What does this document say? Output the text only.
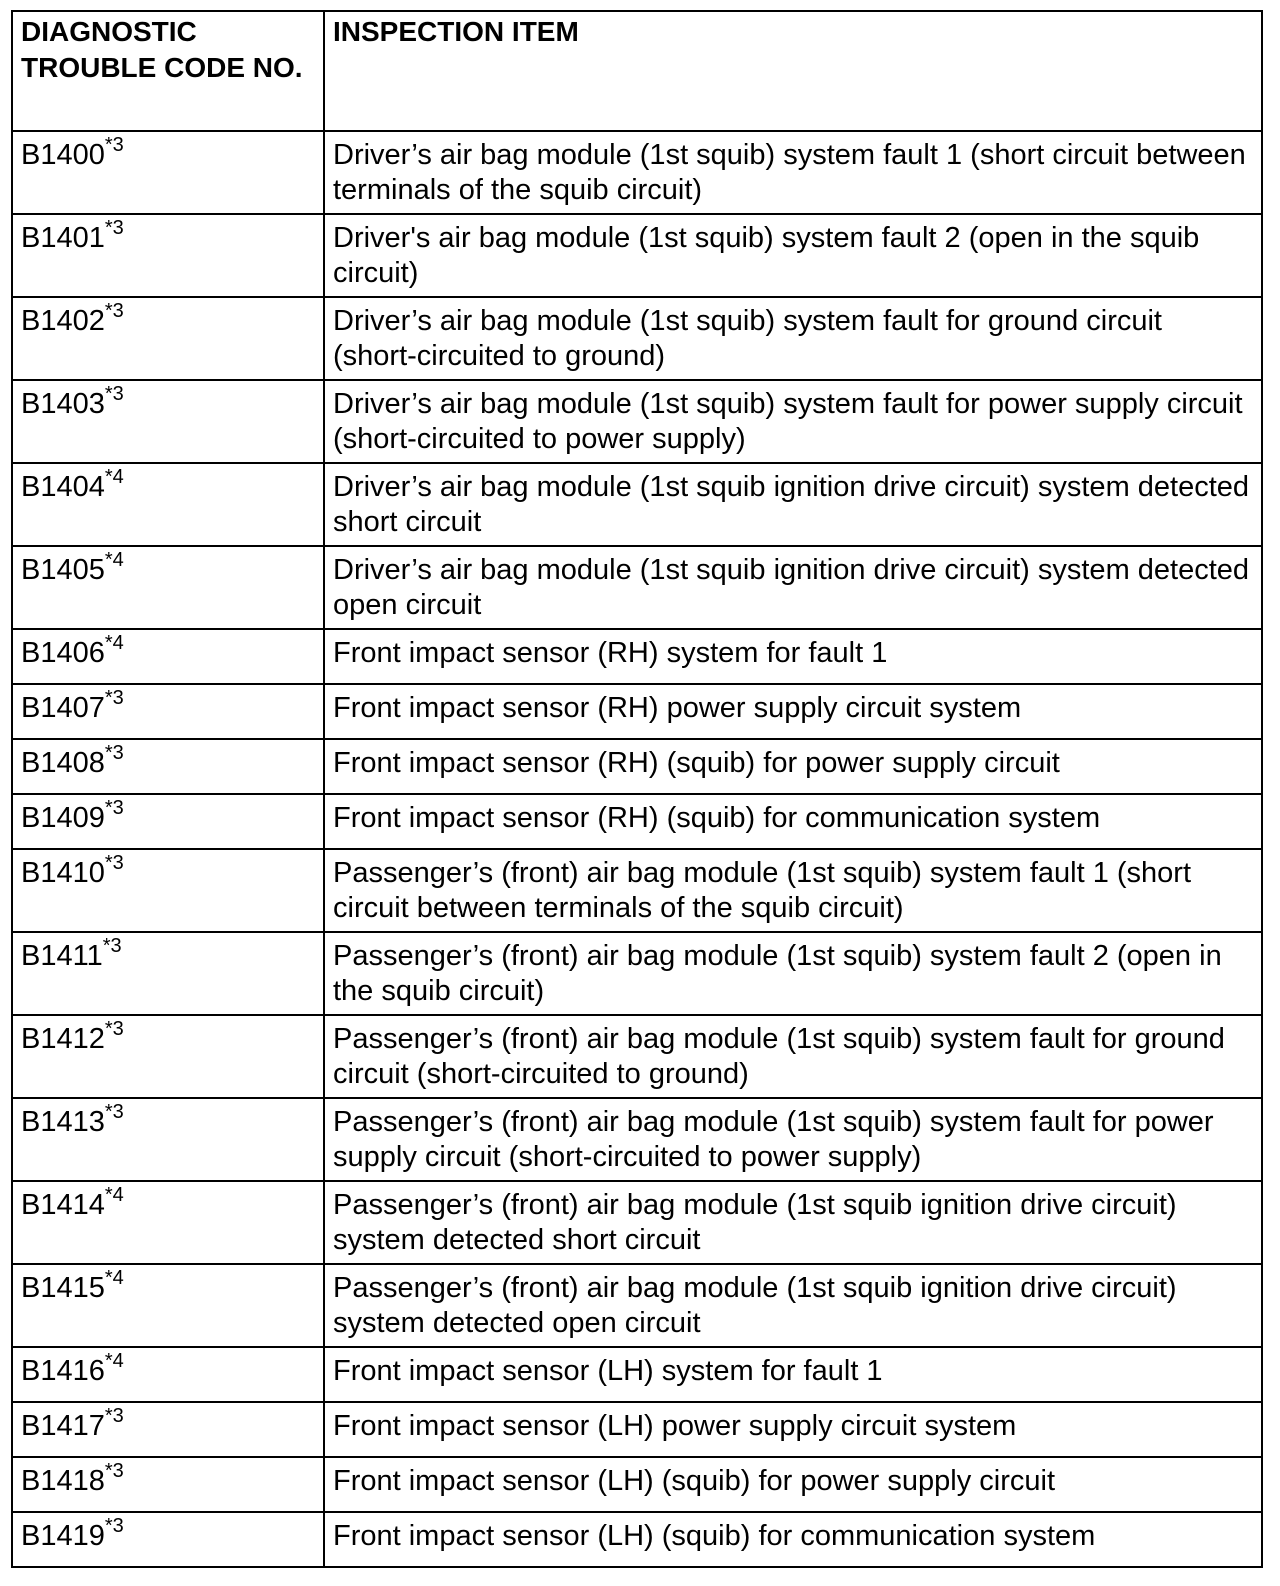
DIAGNOSTIC TROUBLE CODE NO.	INSPECTION ITEM
B1400$^{*3}$	Driver’s air bag module (1st squib) system fault 1 (short circuit between terminals of the squib circuit)
B1401$^{*3}$	Driver's air bag module (1st squib) system fault 2 (open in the squib circuit)
B1402$^{*3}$	Driver’s air bag module (1st squib) system fault for ground circuit (short-circuited to ground)
B1403$^{*3}$	Driver’s air bag module (1st squib) system fault for power supply circuit (short-circuited to power supply)
B1404$^{*4}$	Driver’s air bag module (1st squib ignition drive circuit) system detected short circuit
B1405$^{*4}$	Driver’s air bag module (1st squib ignition drive circuit) system detected open circuit
B1406$^{*4}$	Front impact sensor (RH) system for fault 1
B1407$^{*3}$	Front impact sensor (RH) power supply circuit system
B1408$^{*3}$	Front impact sensor (RH) (squib) for power supply circuit
B1409$^{*3}$	Front impact sensor (RH) (squib) for communication system
B1410$^{*3}$	Passenger’s (front) air bag module (1st squib) system fault 1 (short circuit between terminals of the squib circuit)
B1411$^{*3}$	Passenger’s (front) air bag module (1st squib) system fault 2 (open in the squib circuit)
B1412$^{*3}$	Passenger’s (front) air bag module (1st squib) system fault for ground circuit (short-circuited to ground)
B1413$^{*3}$	Passenger’s (front) air bag module (1st squib) system fault for power supply circuit (short-circuited to power supply)
B1414$^{*4}$	Passenger’s (front) air bag module (1st squib ignition drive circuit) system detected short circuit
B1415$^{*4}$	Passenger’s (front) air bag module (1st squib ignition drive circuit) system detected open circuit
B1416$^{*4}$	Front impact sensor (LH) system for fault 1
B1417$^{*3}$	Front impact sensor (LH) power supply circuit system
B1418$^{*3}$	Front impact sensor (LH) (squib) for power supply circuit
B1419$^{*3}$	Front impact sensor (LH) (squib) for communication system
